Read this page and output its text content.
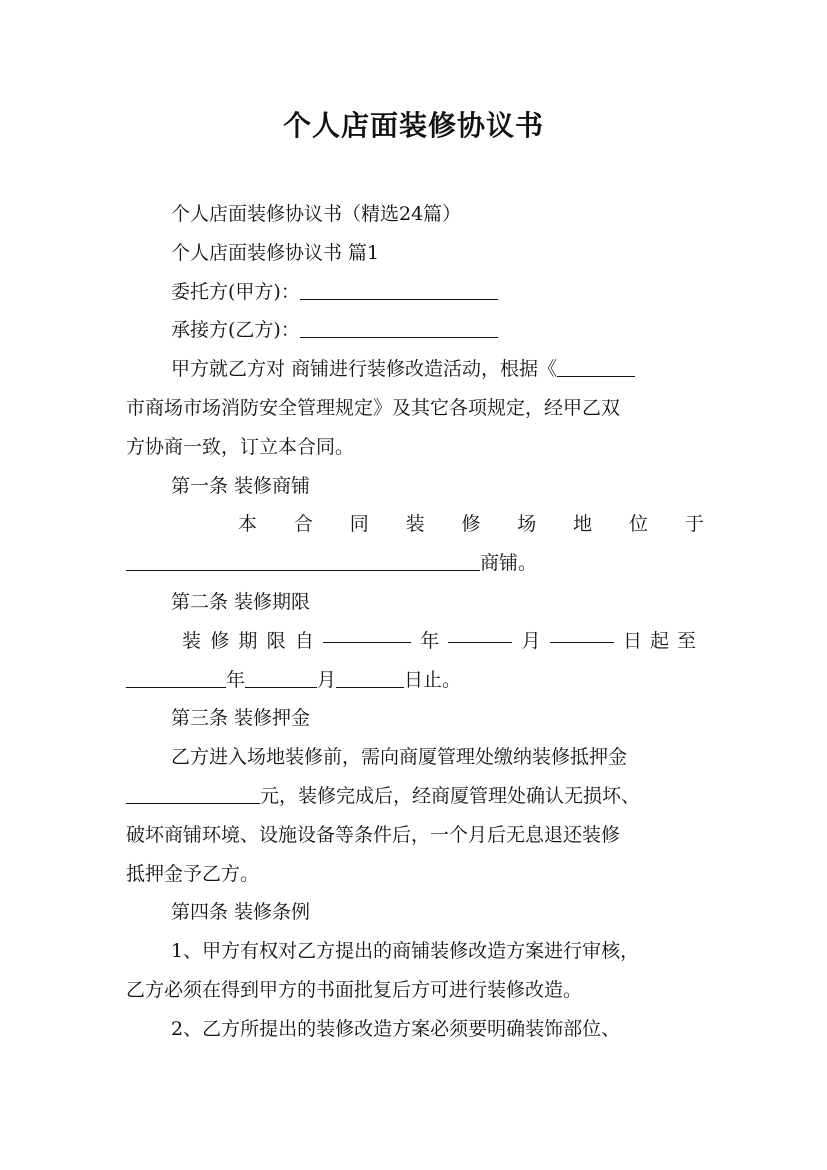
个人店面装修协议书
个人店面装修协议书（精选24篇）
个人店面装修协议书 篇1
委托方(甲方)：
承接方(乙方)：
甲方就乙方对 商铺进行装修改造活动，根据《
市商场市场消防安全管理规定》及其它各项规定，经甲乙双
方协商一致，订立本合同。
第一条 装修商铺
本 合 同 装 修 场 地 位 于
商铺。
第二条 装修期限
装 修 期 限 自	年	月	日起至
年	月	日止。
第三条 装修押金
乙方进入场地装修前，需向商厦管理处缴纳装修抵押金
元，装修完成后，经商厦管理处确认无损坏、
破坏商铺环境、设施设备等条件后，一个月后无息退还装修
抵押金予乙方。
第四条 装修条例
1、甲方有权对乙方提出的商铺装修改造方案进行审核，
乙方必须在得到甲方的书面批复后方可进行装修改造。
2、乙方所提出的装修改造方案必须要明确装饰部位、
